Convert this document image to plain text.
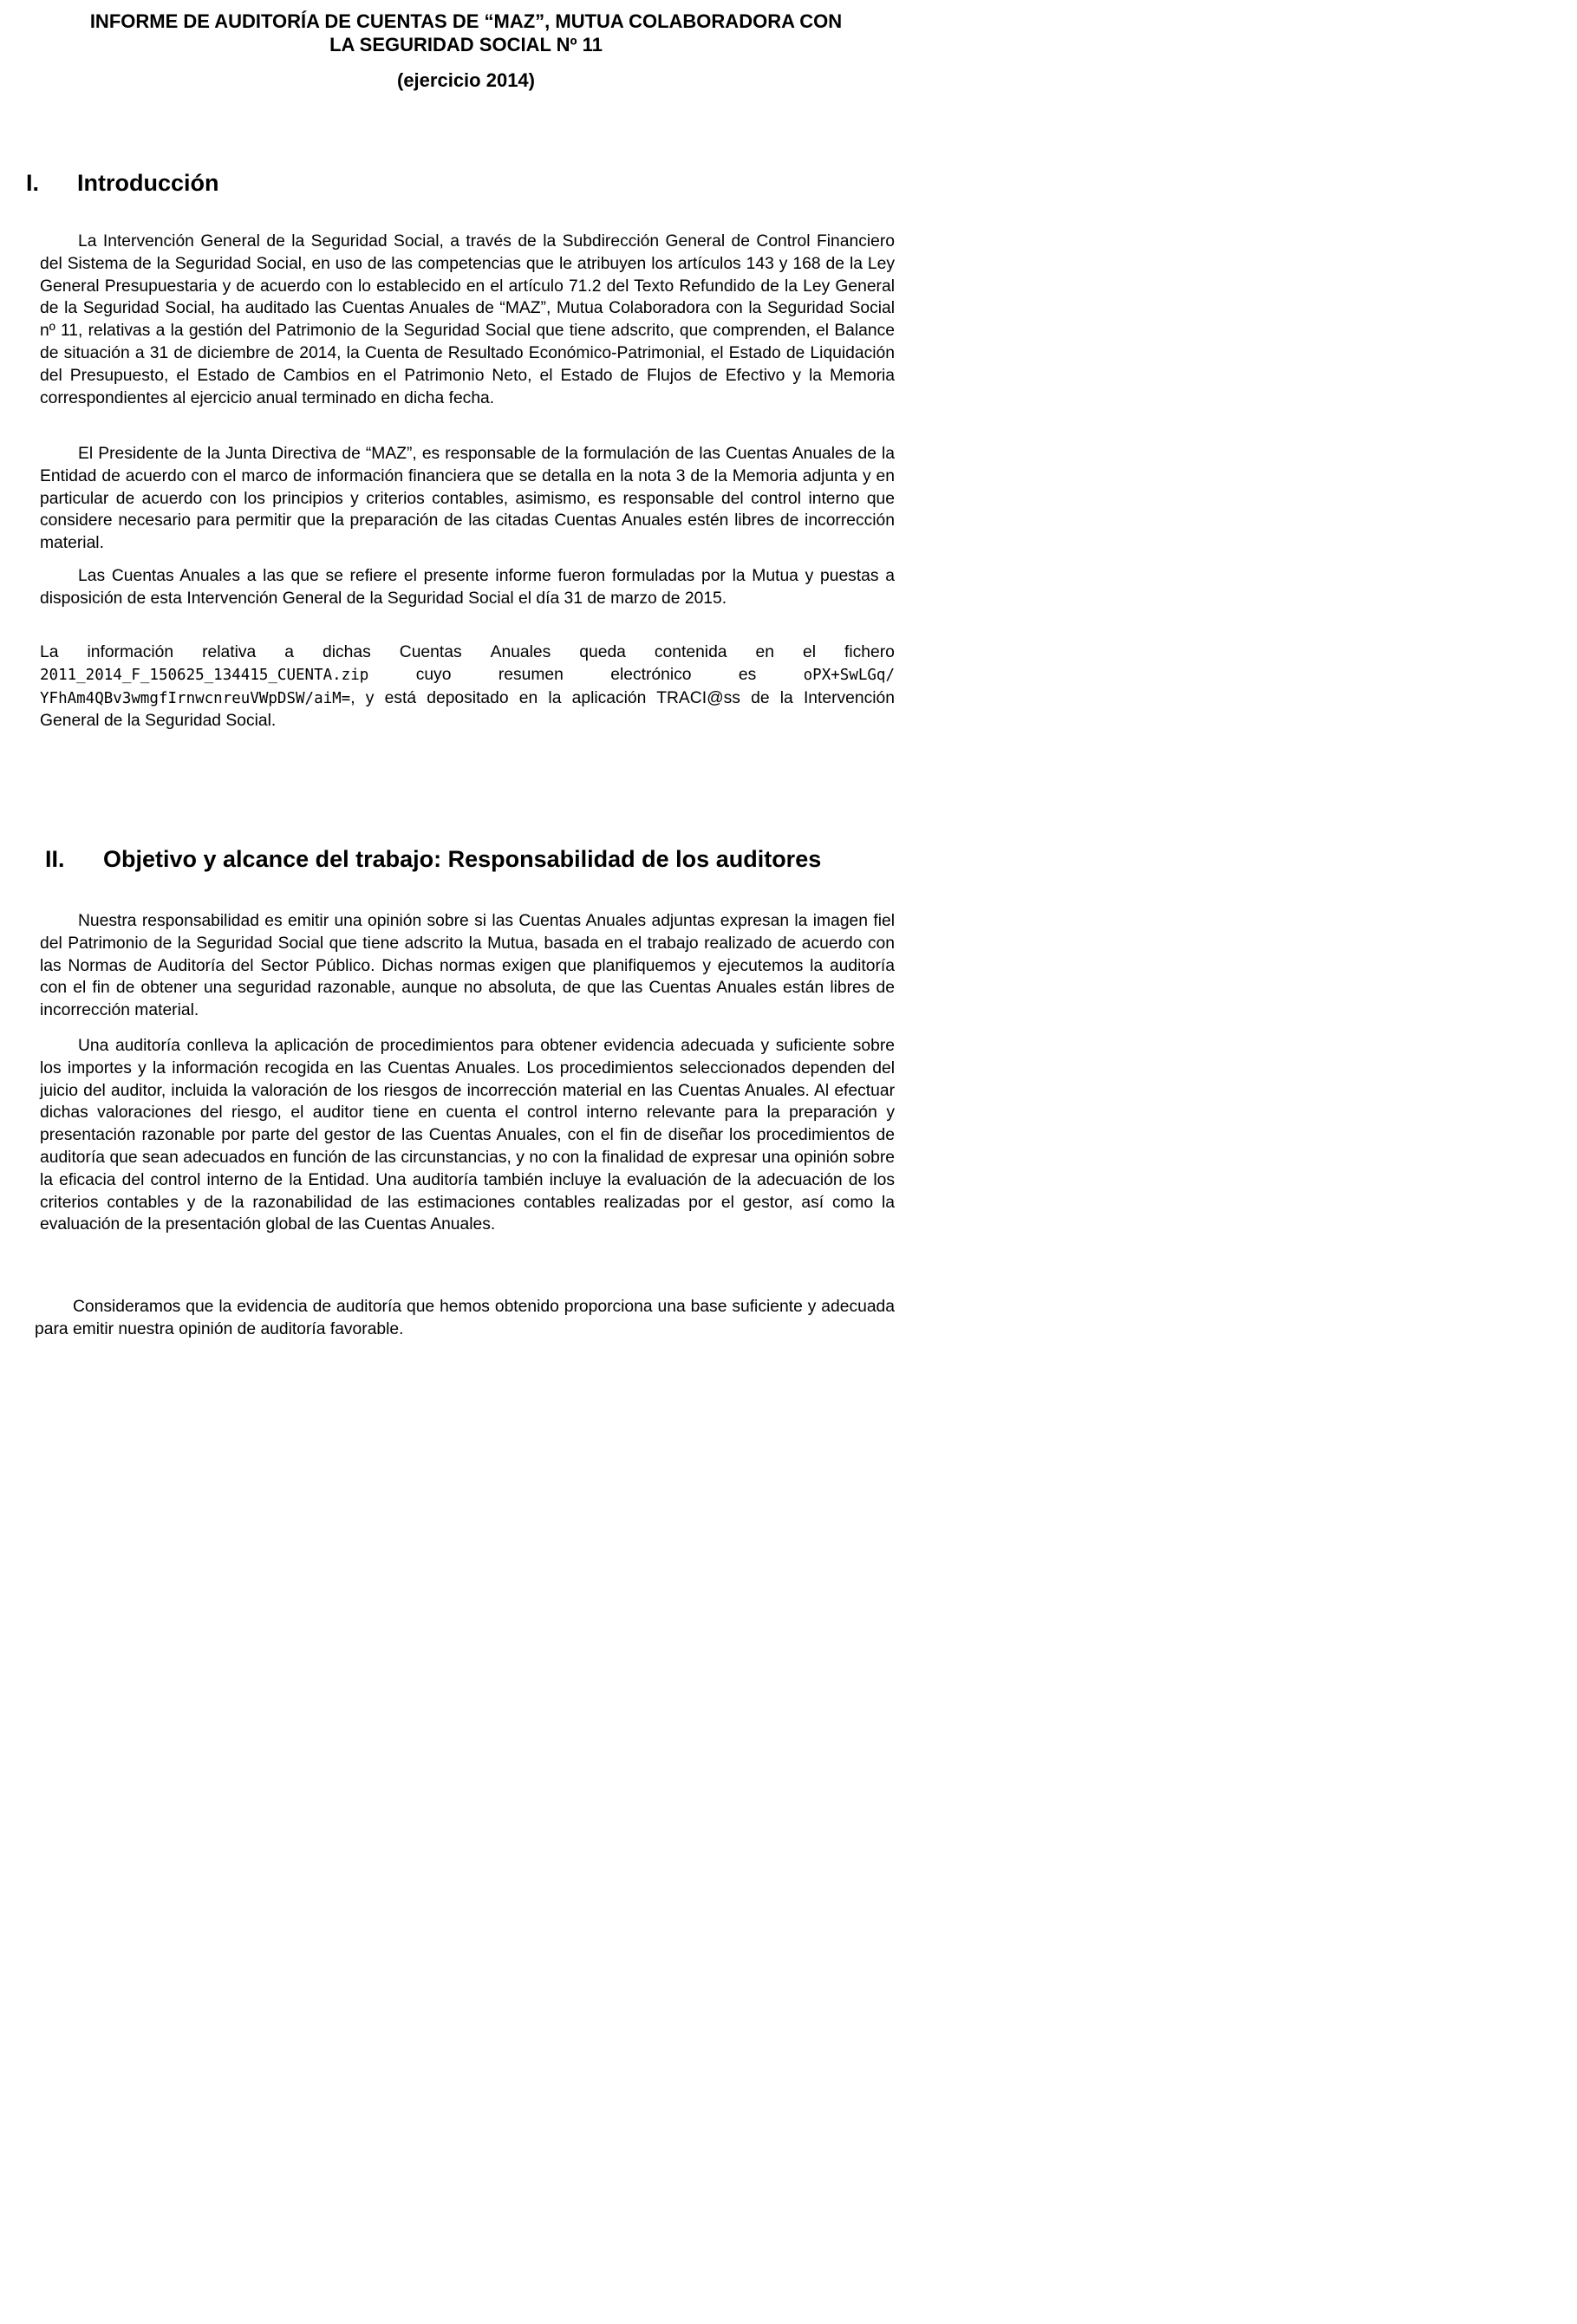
INFORME DE AUDITORÍA DE CUENTAS DE “MAZ”, MUTUA COLABORADORA CON

LA SEGURIDAD SOCIAL Nº 11

(ejercicio 2014)

I. Introducción

La Intervención General de la Seguridad Social, a través de la Subdirección General de Control Financiero del Sistema de la Seguridad Social, en uso de las competencias que le atribuyen los artículos 143 y 168 de la Ley General Presupuestaria y de acuerdo con lo establecido en el artículo 71.2 del Texto Refundido de la Ley General de la Seguridad Social, ha auditado las Cuentas Anuales de “MAZ”, Mutua Colaboradora con la Seguridad Social nº 11, relativas a la gestión del Patrimonio de la Seguridad Social que tiene adscrito, que comprenden, el Balance de situación a 31 de diciembre de 2014, la Cuenta de Resultado Económico-Patrimonial, el Estado de Liquidación del Presupuesto, el Estado de Cambios en el Patrimonio Neto, el Estado de Flujos de Efectivo y la Memoria correspondientes al ejercicio anual terminado en dicha fecha.

El Presidente de la Junta Directiva de “MAZ”, es responsable de la formulación de las Cuentas Anuales de la Entidad de acuerdo con el marco de información financiera que se detalla en la nota 3 de la Memoria adjunta y en particular de acuerdo con los principios y criterios contables, asimismo, es responsable del control interno que considere necesario para permitir que la preparación de las citadas Cuentas Anuales estén libres de incorrección material.

Las Cuentas Anuales a las que se refiere el presente informe fueron formuladas por la Mutua y puestas a disposición de esta Intervención General de la Seguridad Social el día 31 de marzo de 2015.

La información relativa a dichas Cuentas Anuales queda contenida en el fichero
2011_2014_F_150625_134415_CUENTA.zip cuyo resumen electrónico es oPX+SwLGq/ YFhAm4QBv3wmgfIrnwcnreuVWpDSW/aiM=, y está depositado en la aplicación TRACI@ss de la Intervención General de la Seguridad Social.
II. Objetivo y alcance del trabajo: Responsabilidad de los auditores

Nuestra responsabilidad es emitir una opinión sobre si las Cuentas Anuales adjuntas expresan la imagen fiel del Patrimonio de la Seguridad Social que tiene adscrito la Mutua, basada en el trabajo realizado de acuerdo con las Normas de Auditoría del Sector Público. Dichas normas exigen que planifiquemos y ejecutemos la auditoría con el fin de obtener una seguridad razonable, aunque no absoluta, de que las Cuentas Anuales están libres de incorrección material.

Una auditoría conlleva la aplicación de procedimientos para obtener evidencia adecuada y suficiente sobre los importes y la información recogida en las Cuentas Anuales. Los procedimientos seleccionados dependen del juicio del auditor, incluida la valoración de los riesgos de incorrección material en las Cuentas Anuales. Al efectuar dichas valoraciones del riesgo, el auditor tiene en cuenta el control interno relevante para la preparación y presentación razonable por parte del gestor de las Cuentas Anuales, con el fin de diseñar los procedimientos de auditoría que sean adecuados en función de las circunstancias, y no con la finalidad de expresar una opinión sobre la eficacia del control interno de la Entidad. Una auditoría también incluye la evaluación de la adecuación de los criterios contables y de la razonabilidad de las estimaciones contables realizadas por el gestor, así como la evaluación de la presentación global de las Cuentas Anuales.

Consideramos que la evidencia de auditoría que hemos obtenido proporciona una base suficiente y adecuada para emitir nuestra opinión de auditoría favorable.
